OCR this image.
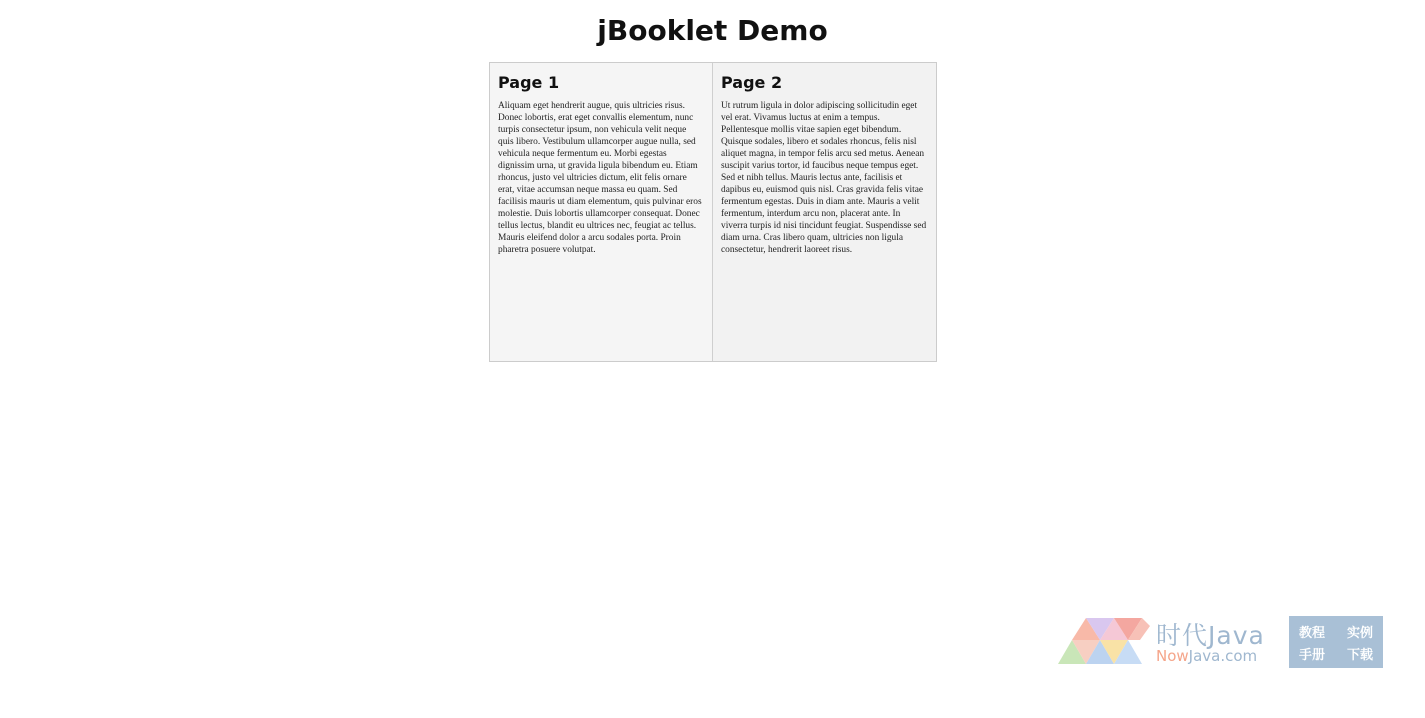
jBooklet Demo
Page 1

Aliquam eget hendrerit augue, quis ultricies risus. Donec lobortis, erat eget convallis elementum, nunc turpis consectetur ipsum, non vehicula velit neque quis libero. Vestibulum ullamcorper augue nulla, sed vehicula neque fermentum eu. Morbi egestas dignissim urna, ut gravida ligula bibendum eu. Etiam rhoncus, justo vel ultricies dictum, elit felis ornare erat, vitae accumsan neque massa eu quam. Sed facilisis mauris ut diam elementum, quis pulvinar eros molestie. Duis lobortis ullamcorper consequat. Donec tellus lectus, blandit eu ultrices nec, feugiat ac tellus. Mauris eleifend dolor a arcu sodales porta. Proin pharetra posuere volutpat.

Page 2

Ut rutrum ligula in dolor adipiscing sollicitudin eget vel erat. Vivamus luctus at enim a tempus. Pellentesque mollis vitae sapien eget bibendum. Quisque sodales, libero et sodales rhoncus, felis nisl aliquet magna, in tempor felis arcu sed metus. Aenean suscipit varius tortor, id faucibus neque tempus eget. Sed et nibh tellus. Mauris lectus ante, facilisis et dapibus eu, euismod quis nisl. Cras gravida felis vitae fermentum egestas. Duis in diam ante. Mauris a velit fermentum, interdum arcu non, placerat ante. In viverra turpis id nisi tincidunt feugiat. Suspendisse sed diam urna. Cras libero quam, ultricies non ligula consectetur, hendrerit laoreet risus.

时代Java
NowJava.com
教程	实例
手册	下载
